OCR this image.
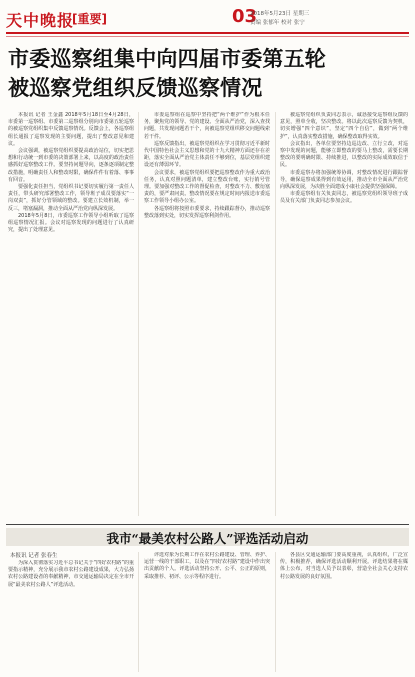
天中晚报
[重要]	03
2018年5月23日 星期三
责编 张郁年 校对 张宁
市委巡察组集中向四届市委第五轮
被巡察党组织反馈巡察情况

本报讯 记者 王金鑫 2018年5月18日至4月28日，市委第一巡察组、市委第二巡察组分别向市委第五轮巡察的被巡察党组织集中反馈巡察情况。反馈会上，各巡察组组长通报了巡察发现的主要问题，提出了整改意见和建议。

会议强调，被巡察党组织要提高政治站位，切实把思想和行动统一到市委的决策部署上来，以高度的政治责任感抓好巡察整改工作。要坚持问题导向，逐条逐项制定整改措施，明确责任人和整改时限，确保件件有着落、事事有回音。

要强化责任担当，党组织书记要切实履行第一责任人责任，带头研究部署整改工作，领导班子成员要落实“一岗双责”，抓好分管领域的整改。要建立长效机制，举一反三，堵塞漏洞，推动全面从严治党向纵深发展。

2018年5月8日，市委巡察工作领导小组听取了巡察组巡察情况汇报。会议对巡察发现的问题进行了认真研究，提出了处理意见。

市委巡察组在巡察中坚持把“两个维护”作为根本任务，聚焦党的领导、党的建设、全面从严治党，深入查找问题，共发现问题若干个，向被巡察党组织移交问题线索若干件。

巡察反馈指出，被巡察党组织在学习贯彻习近平新时代中国特色社会主义思想和党的十九大精神方面还存在差距，落实全面从严治党主体责任不够到位，基层党组织建设还有薄弱环节。

会议要求，被巡察党组织要把巡察整改作为重大政治任务，认真对照问题清单，建立整改台账，实行销号管理。要加强对整改工作的督促检查，对整改不力、敷衍塞责的，要严肃问责。整改情况要在规定时间内报送市委巡察工作领导小组办公室。

各巡察组将按照市委要求，持续跟踪督办，推动巡察整改落到实处，切实发挥巡察利剑作用。

被巡察党组织负责同志表示，诚恳接受巡察组反馈的意见，照单全收，坚决整改。将以此次巡察反馈为契机，切实增强“四个意识”，坚定“四个自信”，做到“两个维护”，认真落实整改措施，确保整改取得实效。

会议指出，各单位要坚持边巡边改、立行立改，对巡察中发现的问题，能够立即整改的要马上整改，需要长期整改的要明确时限、持续推进，以整改的实际成效取信于民。

市委巡察办将加强统筹协调，对整改情况进行跟踪督导，确保巡察成果得到有效运用，推动全市全面从严治党向纵深发展，为决胜全面建成小康社会提供坚强保障。

市委巡察组有关负责同志，被巡察党组织领导班子成员及有关部门负责同志参加会议。

我市“最美农村公路人”评选活动启动
本报讯 记者 张春生

为深入贯彻落实习近平总书记关于“四好农村路”的重要指示精神，充分展示我市农村公路建设成果，大力弘扬农村公路建设者的奉献精神，市交通运输局决定在全市开展“最美农村公路人”评选活动。

评选对象为长期工作在农村公路建设、管理、养护、运营一线的干部职工，以及在“四好农村路”建设中作出突出贡献的个人。评选活动坚持公开、公平、公正的原则，采取推荐、初评、公示等程序进行。

各县区交通运输部门要高度重视，认真组织，广泛宣传，积极推荐，确保评选活动顺利开展。评选结果将在媒体上公布，对当选人员予以表彰，营造全社会关心支持农村公路发展的良好氛围。
